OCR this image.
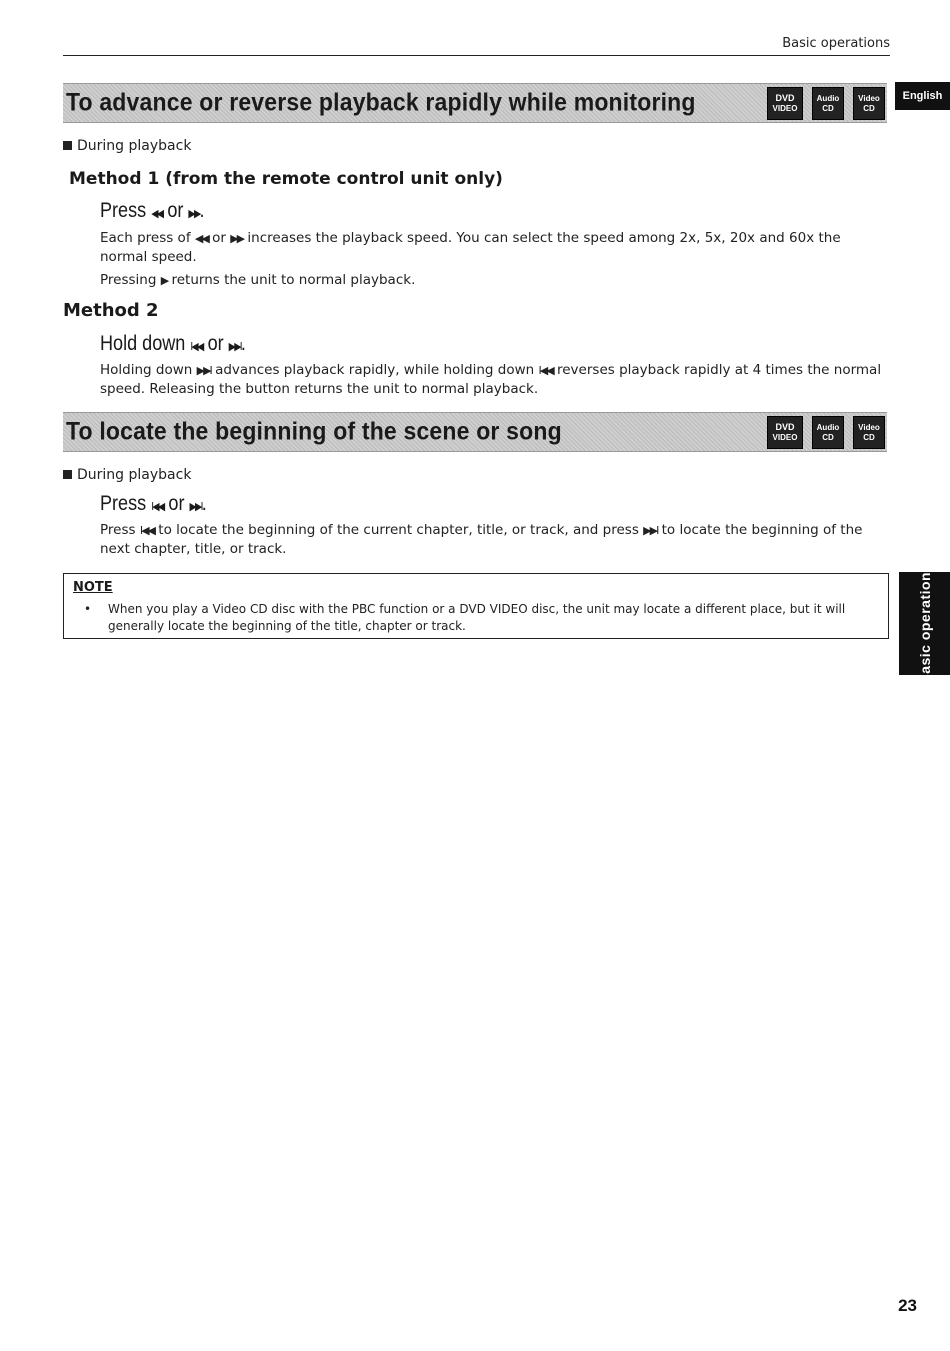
Basic operations
English
Basic operations
To advance or reverse playback rapidly while monitoring	DVD
VIDEO
Audio
CD
Video
CD
During playback
Method 1 (from the remote control unit only)
Press ◀◀ or ▶▶.
Each press of ◀◀ or ▶▶ increases the playback speed. You can select the speed among 2x, 5x, 20x and 60x the normal speed.
Pressing ▶ returns the unit to normal playback.
Method 2
Hold down I◀◀ or ▶▶I.
Holding down ▶▶I advances playback rapidly, while holding down I◀◀ reverses playback rapidly at 4 times the normal speed. Releasing the button returns the unit to normal playback.
To locate the beginning of the scene or song	DVD
VIDEO
Audio
CD
Video
CD
During playback
Press I◀◀ or ▶▶I.
Press I◀◀ to locate the beginning of the current chapter, title, or track, and press ▶▶I to locate the beginning of the next chapter, title, or track.
NOTE
• When you play a Video CD disc with the PBC function or a DVD VIDEO disc, the unit may locate a different place, but it will generally locate the beginning of the title, chapter or track.
23
